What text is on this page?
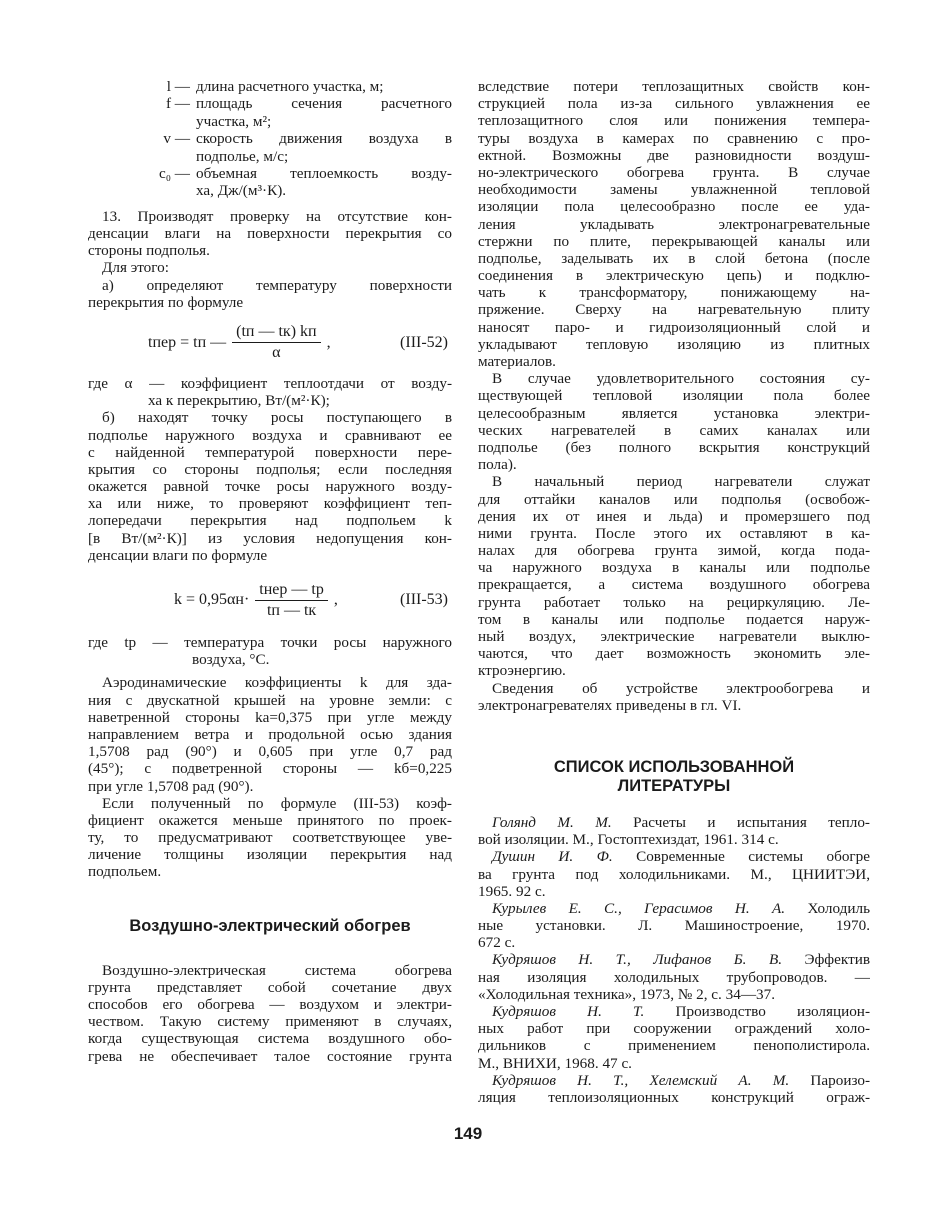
l — длина расчетного участка, м;
f — площадь сечения расчетного
участка, м²;
v — скорость движения воздуха в
подполье, м/с;
c₀ — объемная теплоемкость возду-
ха, Дж/(м³·К).
13. Производят проверку на отсутствие кон-
денсации влаги на поверхности перекрытия со
стороны подполья.
Для этого:
а) определяют температуру поверхности
перекрытия по формуле
tпер = tп — $\frac{(tп — tк) kп}{\alpha}$ ,	(III-52)
где α — коэффициент теплоотдачи от возду-
ха к перекрытию, Вт/(м²·К);
б) находят точку росы поступающего в
подполье наружного воздуха и сравнивают ее
с найденной температурой поверхности пере-
крытия со стороны подполья; если последняя
окажется равной точке росы наружного возду-
ха или ниже, то проверяют коэффициент теп-
лопередачи перекрытия над подпольем k
[в Вт/(м²·К)] из условия недопущения кон-
денсации влаги по формуле
$k = 0,95\alpha н\cdot \frac{\text{tнер — tр}}{tп — tк}$ ,	(III-53)
где tр — температура точки росы наружного
воздуха, °С.
Аэродинамические коэффициенты k для зда-
ния с двускатной крышей на уровне земли: с
наветренной стороны kа=0,375 при угле между
направлением ветра и продольной осью здания
1,5708 рад (90°) и 0,605 при угле 0,7 рад
(45°); с подветренной стороны — kб=0,225
при угле 1,5708 рад (90°).
Если полученный по формуле (III-53) коэф-
фициент окажется меньше принятого по проек-
ту, то предусматривают соответствующее уве-
личение толщины изоляции перекрытия над
подпольем.
Воздушно-электрический обогрев
Воздушно-электрическая система обогрева
грунта представляет собой сочетание двух
способов его обогрева — воздухом и электри-
чеством. Такую систему применяют в случаях,
когда существующая система воздушного обо-
грева не обеспечивает талое состояние грунта
вследствие потери теплозащитных свойств кон-
струкцией пола из-за сильного увлажнения ее
теплозащитного слоя или понижения темпера-
туры воздуха в камерах по сравнению с про-
ектной. Возможны две разновидности воздуш-
но-электрического обогрева грунта. В случае
необходимости замены увлажненной тепловой
изоляции пола целесообразно после ее уда-
ления укладывать электронагревательные
стержни по плите, перекрывающей каналы или
подполье, заделывать их в слой бетона (после
соединения в электрическую цепь) и подклю-
чать к трансформатору, понижающему на-
пряжение. Сверху на нагревательную плиту
наносят паро- и гидроизоляционный слой и
укладывают тепловую изоляцию из плитных
материалов.
В случае удовлетворительного состояния су-
ществующей тепловой изоляции пола более
целесообразным является установка электри-
ческих нагревателей в самих каналах или
подполье (без полного вскрытия конструкций
пола).
В начальный период нагреватели служат
для оттайки каналов или подполья (освобож-
дения их от инея и льда) и промерзшего под
ними грунта. После этого их оставляют в ка-
налах для обогрева грунта зимой, когда пода-
ча наружного воздуха в каналы или подполье
прекращается, а система воздушного обогрева
грунта работает только на рециркуляцию. Ле-
том в каналы или подполье подается наруж-
ный воздух, электрические нагреватели выклю-
чаются, что дает возможность экономить эле-
ктроэнергию.
Сведения об устройстве электрообогрева и
электронагревателях приведены в гл. VI.
СПИСОК ИСПОЛЬЗОВАННОЙ
ЛИТЕРАТУРЫ
Голянд М. М. Расчеты и испытания тепло-
вой изоляции. М., Гостоптехиздат, 1961. 314 с.
Душин И. Ф. Современные системы обогре
ва грунта под холодильниками. М., ЦНИИТЭИ,
1965. 92 с.
Курылев Е. С., Герасимов Н. А. Холодиль
ные установки. Л. Машиностроение, 1970.
672 с.
Кудряшов Н. Т., Лифанов Б. В. Эффектив
ная изоляция холодильных трубопроводов. —
«Холодильная техника», 1973, № 2, с. 34—37.
Кудряшов Н. Т. Производство изоляцион-
ных работ при сооружении ограждений холо-
дильников с применением пенополистирола.
М., ВНИХИ, 1968. 47 с.
Кудряшов Н. Т., Хелемский А. М. Пароизо-
ляция теплоизоляционных конструкций ограж-
149
